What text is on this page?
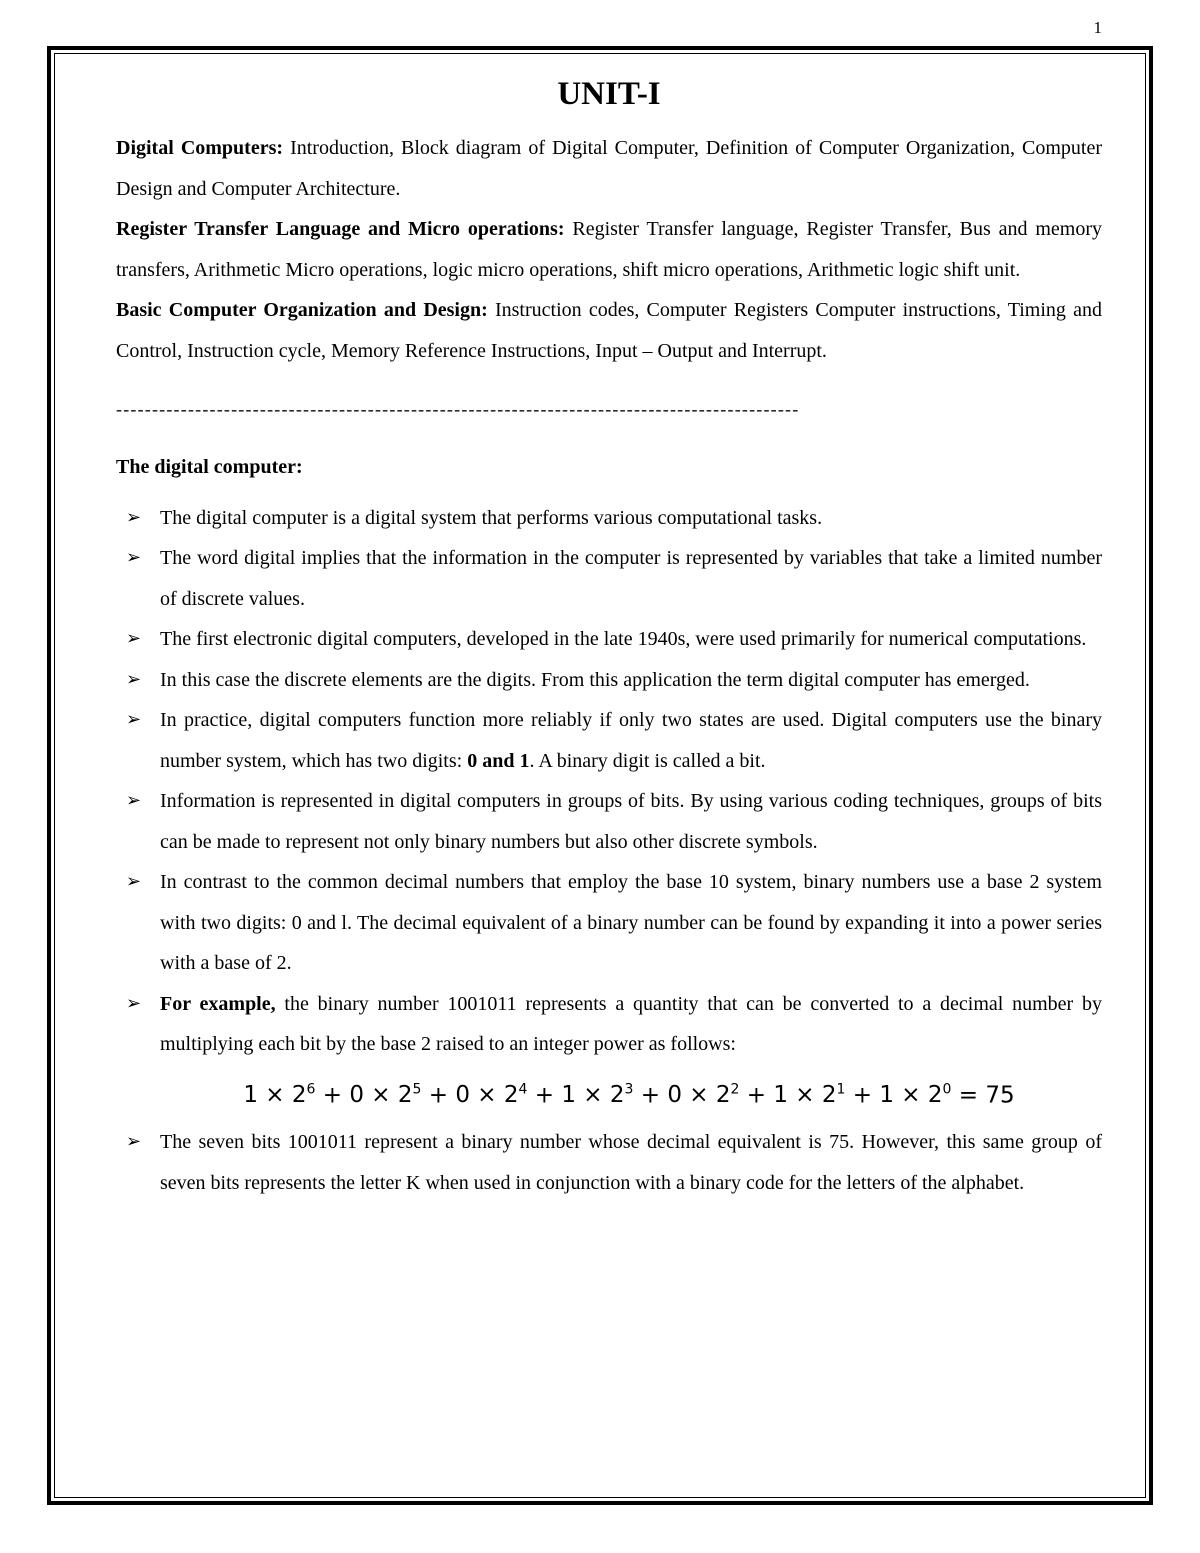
1
UNIT-I

Digital Computers: Introduction, Block diagram of Digital Computer, Definition of Computer Organization, Computer Design and Computer Architecture.

Register Transfer Language and Micro operations: Register Transfer language, Register Transfer, Bus and memory transfers, Arithmetic Micro operations, logic micro operations, shift micro operations, Arithmetic logic shift unit.

Basic Computer Organization and Design: Instruction codes, Computer Registers Computer instructions, Timing and Control, Instruction cycle, Memory Reference Instructions, Input – Output and Interrupt.

-----------------------------------------------------------------------------------------------
The digital computer:
➢ The digital computer is a digital system that performs various computational tasks.
➢ The word digital implies that the information in the computer is represented by variables that take a limited number of discrete values.
➢ The first electronic digital computers, developed in the late 1940s, were used primarily for numerical computations.
➢ In this case the discrete elements are the digits. From this application the term digital computer has emerged.
➢ In practice, digital computers function more reliably if only two states are used. Digital computers use the binary number system, which has two digits: 0 and 1. A binary digit is called a bit.
➢ Information is represented in digital computers in groups of bits. By using various coding techniques, groups of bits can be made to represent not only binary numbers but also other discrete symbols.
➢ In contrast to the common decimal numbers that employ the base 10 system, binary numbers use a base 2 system with two digits: 0 and l. The decimal equivalent of a binary number can be found by expanding it into a power series with a base of 2.
➢ For example, the binary number 1001011 represents a quantity that can be converted to a decimal number by multiplying each bit by the base 2 raised to an integer power as follows:
$1 \times 2^6 + 0 \times 2^5 + 0 \times 2^4 + 1 \times 2^3 + 0 \times 2^2 + 1 \times 2^1 + 1 \times 2^0 = 75$
➢ The seven bits 1001011 represent a binary number whose decimal equivalent is 75. However, this same group of seven bits represents the letter K when used in conjunction with a binary code for the letters of the alphabet.
